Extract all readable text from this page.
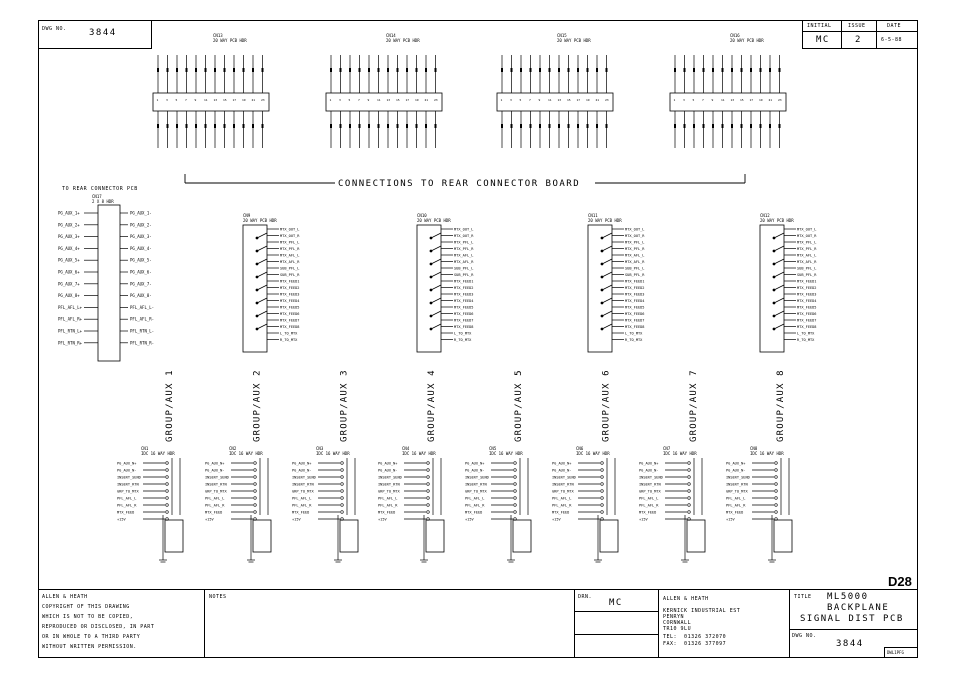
DWG NO. 3844
INITIAL	ISSUE	DATE
MC	2	6-5-88
CN13
20 WAY PCB HDR
1	3	5	7	9	11 13 15 17 19 21 23
CN14
20 WAY PCB HDR
1	3	5	7	9	11 13 15 17 19 21 23
CN15
20 WAY PCB HDR
1	3	5	7	9	11 13 15 17 19 21 23
CN16
20 WAY PCB HDR
1	3	5	7	9	11 13 15 17 19 21 23
CONNECTIONS TO REAR CONNECTOR BOARD
TO REAR CONNECTOR PCB
CN17
2 X 8 HDR
PG_AUX_1+	PG_AUX_1-
PG_AUX_2+	PG_AUX_2-
PG_AUX_3+	PG_AUX_3-
PG_AUX_4+	PG_AUX_4-
PG_AUX_5+	PG_AUX_5-
PG_AUX_6+	PG_AUX_6-
PG_AUX_7+	PG_AUX_7-
PG_AUX_8+	PG_AUX_8-
PFL_AFL_L+	PFL_AFL_L-
PFL_AFL_R+	PFL_AFL_R-
PFL_RTN_L+	PFL_RTN_L-
PFL_RTN_R+	PFL_RTN_R-
CN9
20 WAY PCB HDR
MTX_OUT_L
MTX_OUT_R
MTX_PFL_L
MTX_PFL_R
MTX_AFL_L
MTX_AFL_R
SUB_PFL_L
SUB_PFL_R
MTX_FEED1
MTX_FEED2
MTX_FEED3
MTX_FEED4
MTX_FEED5
MTX_FEED6
MTX_FEED7
MTX_FEED8
L_TO_MTX
R_TO_MTX
CN10
20 WAY PCB HDR
MTX_OUT_L
MTX_OUT_R
MTX_PFL_L
MTX_PFL_R
MTX_AFL_L
MTX_AFL_R
SUB_PFL_L
SUB_PFL_R
MTX_FEED1
MTX_FEED2
MTX_FEED3
MTX_FEED4
MTX_FEED5
MTX_FEED6
MTX_FEED7
MTX_FEED8
L_TO_MTX
R_TO_MTX
CN11
20 WAY PCB HDR
MTX_OUT_L
MTX_OUT_R
MTX_PFL_L
MTX_PFL_R
MTX_AFL_L
MTX_AFL_R
SUB_PFL_L
SUB_PFL_R
MTX_FEED1
MTX_FEED2
MTX_FEED3
MTX_FEED4
MTX_FEED5
MTX_FEED6
MTX_FEED7
MTX_FEED8
L_TO_MTX
R_TO_MTX
CN12
20 WAY PCB HDR
MTX_OUT_L
MTX_OUT_R
MTX_PFL_L
MTX_PFL_R
MTX_AFL_L
MTX_AFL_R
SUB_PFL_L
SUB_PFL_R
MTX_FEED1
MTX_FEED2
MTX_FEED3
MTX_FEED4
MTX_FEED5
MTX_FEED6
MTX_FEED7
MTX_FEED8
L_TO_MTX
R_TO_MTX
GROUP/AUX 1	GROUP/AUX 2	GROUP/AUX 3	GROUP/AUX 4	GROUP/AUX 5	GROUP/AUX 6	GROUP/AUX 7	GROUP/AUX 8
CN1
IDC 16 WAY HDR
PG_AUX_N+
PG_AUX_N-
INSERT_SEND
INSERT_RTN
GRP_TO_MTX
PFL_AFL_L
PFL_AFL_R
MTX_FEED
+15V
CN2
IDC 16 WAY HDR
PG_AUX_N+
PG_AUX_N-
INSERT_SEND
INSERT_RTN
GRP_TO_MTX
PFL_AFL_L
PFL_AFL_R
MTX_FEED
+15V
CN3
IDC 16 WAY HDR
PG_AUX_N+
PG_AUX_N-
INSERT_SEND
INSERT_RTN
GRP_TO_MTX
PFL_AFL_L
PFL_AFL_R
MTX_FEED
+15V
CN4
IDC 16 WAY HDR
PG_AUX_N+
PG_AUX_N-
INSERT_SEND
INSERT_RTN
GRP_TO_MTX
PFL_AFL_L
PFL_AFL_R
MTX_FEED
+15V
CN5
IDC 16 WAY HDR
PG_AUX_N+
PG_AUX_N-
INSERT_SEND
INSERT_RTN
GRP_TO_MTX
PFL_AFL_L
PFL_AFL_R
MTX_FEED
+15V
CN6
IDC 16 WAY HDR
PG_AUX_N+
PG_AUX_N-
INSERT_SEND
INSERT_RTN
GRP_TO_MTX
PFL_AFL_L
PFL_AFL_R
MTX_FEED
+15V
CN7
IDC 16 WAY HDR
PG_AUX_N+
PG_AUX_N-
INSERT_SEND
INSERT_RTN
GRP_TO_MTX
PFL_AFL_L
PFL_AFL_R
MTX_FEED
+15V
CN8
IDC 16 WAY HDR
PG_AUX_N+
PG_AUX_N-
INSERT_SEND
INSERT_RTN
GRP_TO_MTX
PFL_AFL_L
PFL_AFL_R
MTX_FEED
+15V
D28
ALLEN & HEATH
COPYRIGHT OF THIS DRAWING
WHICH IS NOT TO BE COPIED,
REPRODUCED OR DISCLOSED, IN PART
OR IN WHOLE TO A THIRD PARTY
WITHOUT WRITTEN PERMISSION.
NOTES	DRN.
MC	ALLEN & HEATH
KERNICK INDUSTRIAL EST
PENRYN
CORNWALL
TR10 9LU
TEL:  01326 372070
FAX:  01326 377097
TITLE ML5000
BACKPLANE
SIGNAL DIST PCB
DWG NO.
3844
DWL1PFG
